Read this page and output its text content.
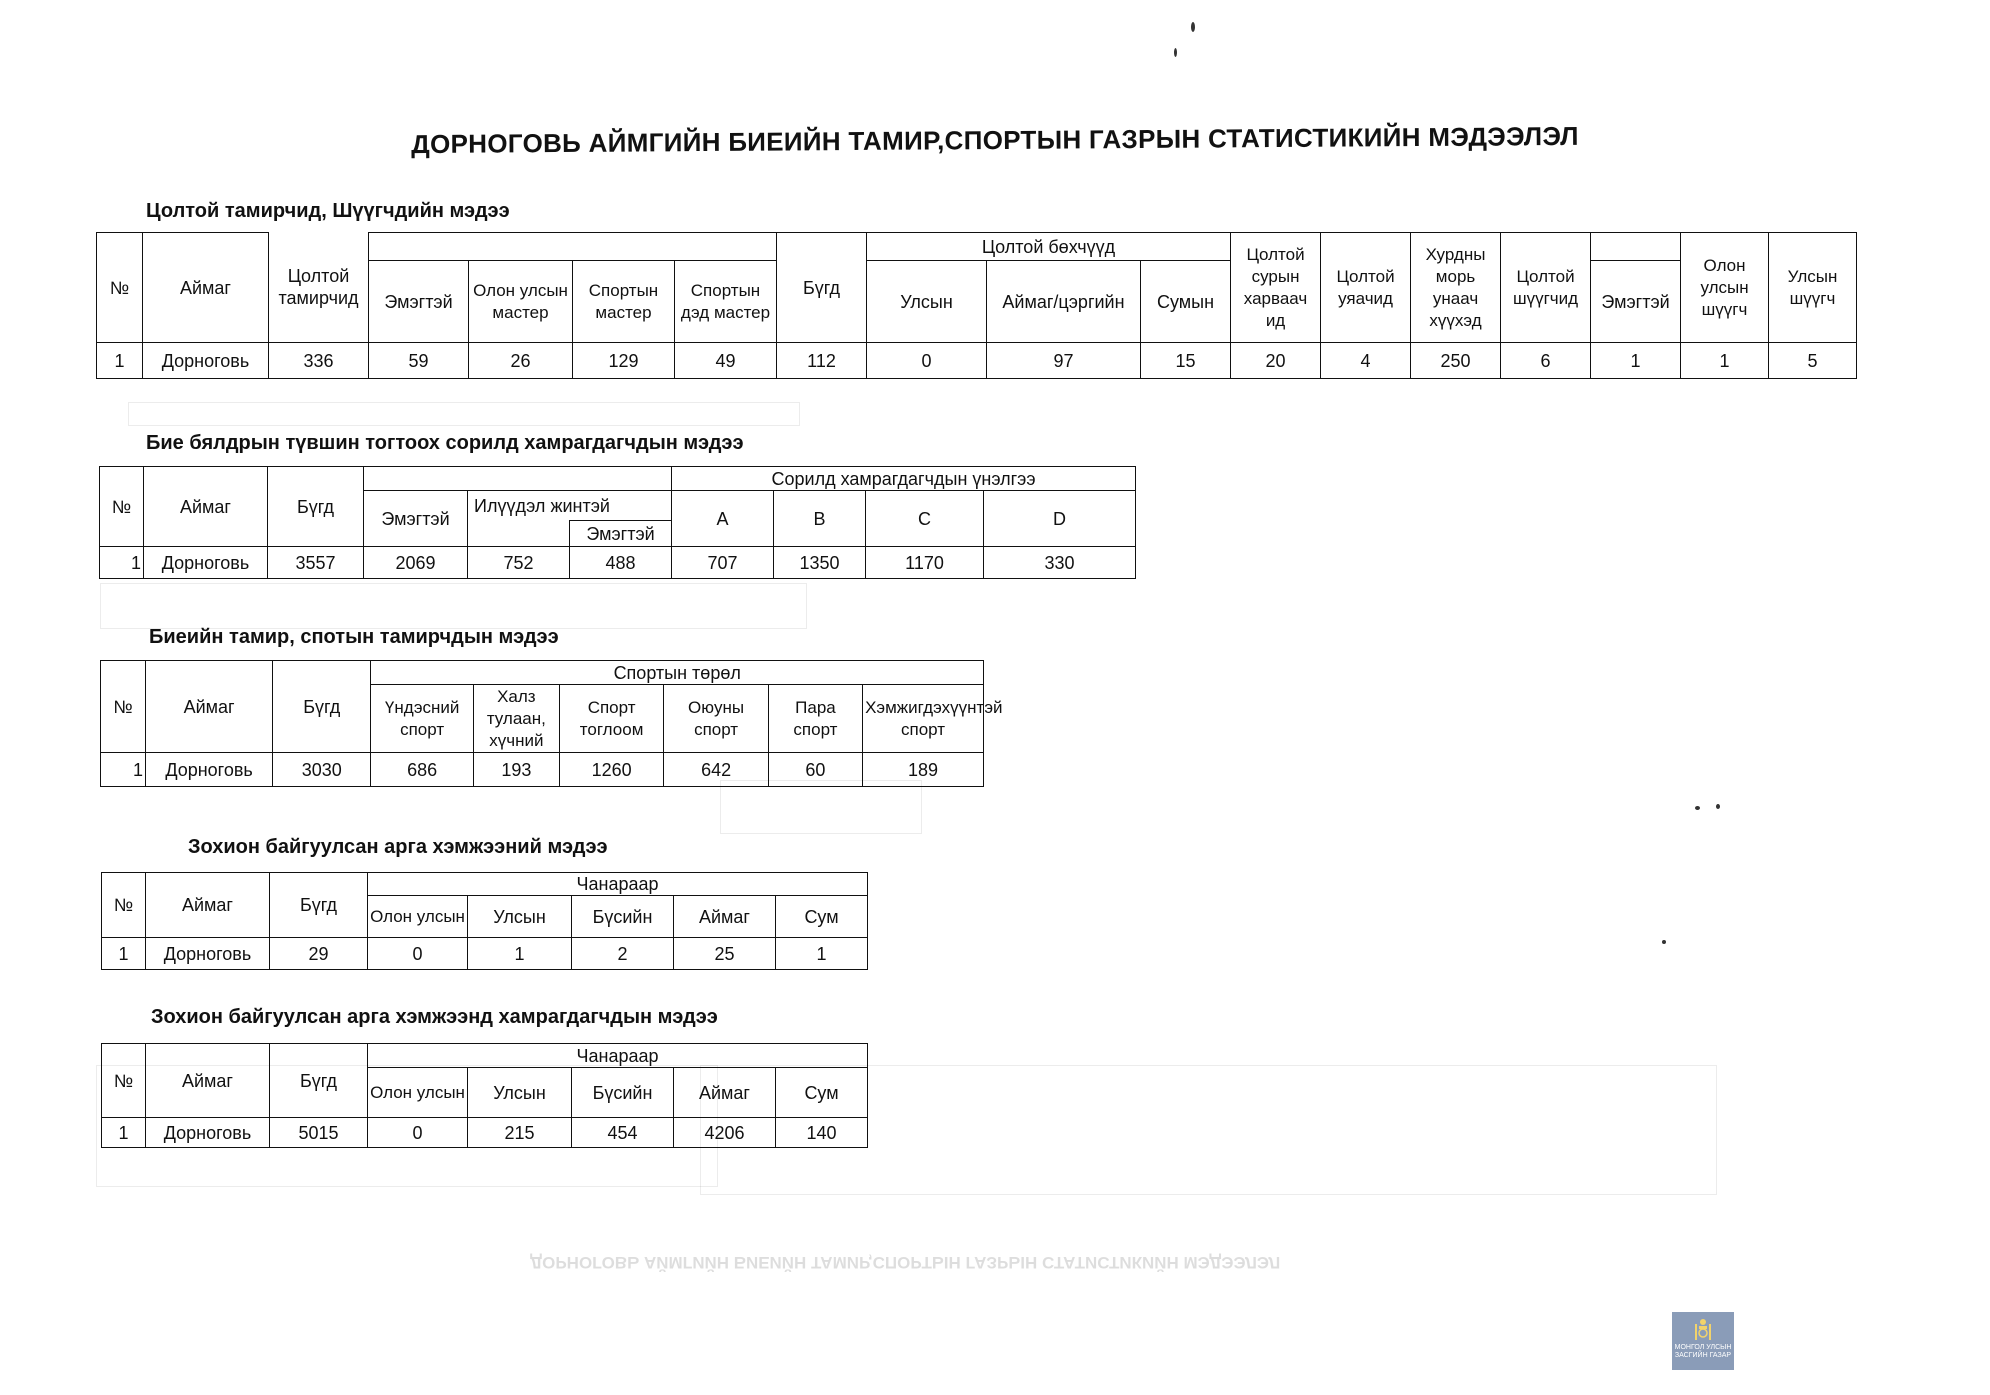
ДОРНОГОВЬ АЙМГИЙН БИЕИЙН ТАМИР,СПОРТЫН ГАЗРЫН СТАТИСТИКИЙН МЭДЭЭЛЭЛ
ДОРНОГОВЬ АЙМГИЙН БИЕИЙН ТАМИР,СПОРТЫН ГАЗРЫН СТАТИСТИКИЙН МЭДЭЭЛЭЛ
Цолтой тамирчид, Шүүгчдийн мэдээ
№	Аймаг	Цолтой тамирчид					Бүгд	Цолтой бөхчүүд			Цолтой сурын харваач ид	Цолтой уяачид	Хурдны морь унаач хүүхэд	Цолтой шүүгчид		Олон улсын шүүгч	Улсын шүүгч
			Эмэгтэй	Олон улсын мастер	Спортын мастер	Спортын дэд мастер		Улсын	Аймаг/цэргийн	Сумын					Эмэгтэй		
1	Дорноговь	336	59	26	129	49	112	0	97	15	20	4	250	6	1	1	5
Бие бялдрын түвшин тогтоох сорилд хамрагдагчдын мэдээ
№	Аймаг	Бүгд				Сорилд хамрагдагчдын үнэлгээ			
			Эмэгтэй	Илүүдэл жинтэй		A	B	C	D
					Эмэгтэй				
1	Дорноговь	3557	2069	752	488	707	1350	1170	330
Биеийн тамир, спотын тамирчдын мэдээ
№	Аймаг	Бүгд	Спортын төрөл					
			Үндэсний спорт	Халз тулаан, хүчний	Спорт тоглоом	Оюуны спорт	Пара спорт	Хэмжигдэхүүнтэй спорт
1	Дорноговь	3030	686	193	1260	642	60	189
Зохион байгуулсан арга хэмжээний мэдээ
№	Аймаг	Бүгд	Чанараар				
			Олон улсын	Улсын	Бүсийн	Аймаг	Сум
1	Дорноговь	29	0	1	2	25	1
Зохион байгуулсан арга хэмжээнд хамрагдагчдын мэдээ
№	Аймаг	Бүгд	Чанараар				
			Олон улсын	Улсын	Бүсийн	Аймаг	Сум
1	Дорноговь	5015	0	215	454	4206	140
МОНГОЛ УЛСЫН
ЗАСГИЙН ГАЗАР
